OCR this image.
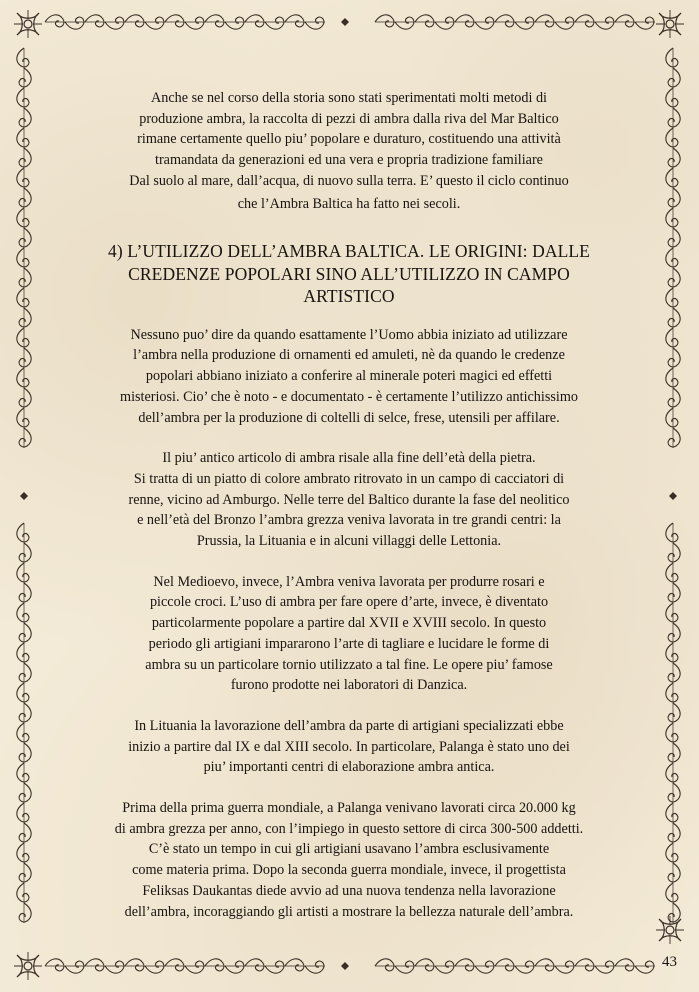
Anche se nel corso della storia sono stati sperimentati molti metodi di
produzione ambra, la raccolta di pezzi di ambra dalla riva del Mar Baltico
rimane certamente quello piu’ popolare e duraturo, costituendo una attività
tramandata da generazioni ed una vera e propria tradizione familiare
Dal suolo al mare, dall’acqua, di nuovo sulla terra. E’ questo il ciclo continuo
che l’Ambra Baltica ha fatto nei secoli.
4) L’UTILIZZO DELL’AMBRA BALTICA. LE ORIGINI: DALLE
CREDENZE POPOLARI SINO ALL’UTILIZZO IN CAMPO
ARTISTICO
Nessuno puo’ dire da quando esattamente l’Uomo abbia iniziato ad utilizzare
l’ambra nella produzione di ornamenti ed amuleti, nè da quando le credenze
popolari abbiano iniziato a conferire al minerale poteri magici ed effetti
misteriosi. Cio’ che è noto - e documentato - è certamente l’utilizzo antichissimo
dell’ambra per la produzione di coltelli di selce, frese, utensili per affilare.
Il piu’ antico articolo di ambra risale alla fine dell’età della pietra.
Si tratta di un piatto di colore ambrato ritrovato in un campo di cacciatori di
renne, vicino ad Amburgo. Nelle terre del Baltico durante la fase del neolitico
e nell’età del Bronzo l’ambra grezza veniva lavorata in tre grandi centri: la
Prussia, la Lituania e in alcuni villaggi delle Lettonia.
Nel Medioevo, invece, l’Ambra veniva lavorata per produrre rosari e
piccole croci. L’uso di ambra per fare opere d’arte, invece, è diventato
particolarmente popolare a partire dal XVII e XVIII secolo. In questo
periodo gli artigiani impararono l’arte di tagliare e lucidare le forme di
ambra su un particolare tornio utilizzato a tal fine. Le opere piu’ famose
furono prodotte nei laboratori di Danzica.
In Lituania la lavorazione dell’ambra da parte di artigiani specializzati ebbe
inizio a partire dal IX e dal XIII secolo. In particolare, Palanga è stato uno dei
piu’ importanti centri di elaborazione ambra antica.
Prima della prima guerra mondiale, a Palanga venivano lavorati circa 20.000 kg
di ambra grezza per anno, con l’impiego in questo settore di circa 300-500 addetti.
C’è stato un tempo in cui gli artigiani usavano l’ambra esclusivamente
come materia prima. Dopo la seconda guerra mondiale, invece, il progettista
Feliksas Daukantas diede avvio ad una nuova tendenza nella lavorazione
dell’ambra, incoraggiando gli artisti a mostrare la bellezza naturale dell’ambra.
43
